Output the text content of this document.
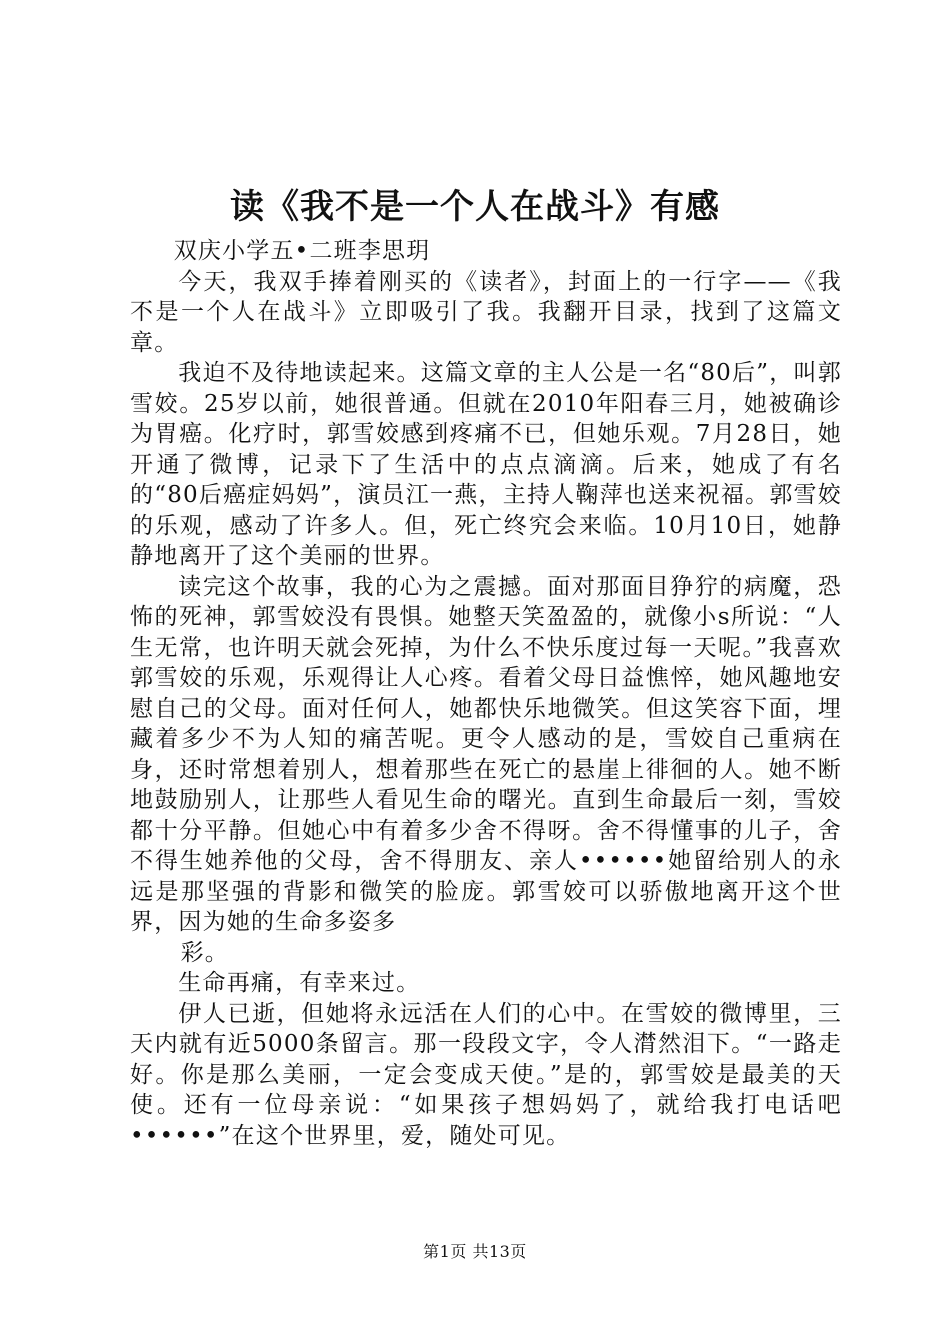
读《我不是一个人在战斗》有感

双庆小学五•二班李思玥

今天，我双手捧着刚买的《读者》，封面上的一行字——《我不是一个人在战斗》立即吸引了我。我翻开目录，找到了这篇文章。

我迫不及待地读起来。这篇文章的主人公是一名“80后”，叫郭雪姣。25岁以前，她很普通。但就在2010年阳春三月，她被确诊为胃癌。化疗时，郭雪姣感到疼痛不已，但她乐观。7月28日，她开通了微博，记录下了生活中的点点滴滴。后来，她成了有名的“80后癌症妈妈”，演员江一燕，主持人鞠萍也送来祝福。郭雪姣的乐观，感动了许多人。但，死亡终究会来临。10月10日，她静静地离开了这个美丽的世界。

读完这个故事，我的心为之震撼。面对那面目狰狞的病魔，恐怖的死神，郭雪姣没有畏惧。她整天笑盈盈的，就像小s所说：“人生无常，也许明天就会死掉，为什么不快乐度过每一天呢。”我喜欢郭雪姣的乐观，乐观得让人心疼。看着父母日益憔悴，她风趣地安慰自己的父母。面对任何人，她都快乐地微笑。但这笑容下面，埋藏着多少不为人知的痛苦呢。更令人感动的是，雪姣自己重病在身，还时常想着别人，想着那些在死亡的悬崖上徘徊的人。她不断地鼓励别人，让那些人看见生命的曙光。直到生命最后一刻，雪姣都十分平静。但她心中有着多少舍不得呀。舍不得懂事的儿子，舍不得生她养他的父母，舍不得朋友、亲人••••••她留给别人的永远是那坚强的背影和微笑的脸庞。郭雪姣可以骄傲地离开这个世界，因为她的生命多姿多

彩。

生命再痛，有幸来过。

伊人已逝，但她将永远活在人们的心中。在雪姣的微博里，三天内就有近5000条留言。那一段段文字，令人潸然泪下。“一路走好。你是那么美丽，一定会变成天使。”是的，郭雪姣是最美的天使。还有一位母亲说：“如果孩子想妈妈了，就给我打电话吧••••••”在这个世界里，爱，随处可见。

第1页 共13页
